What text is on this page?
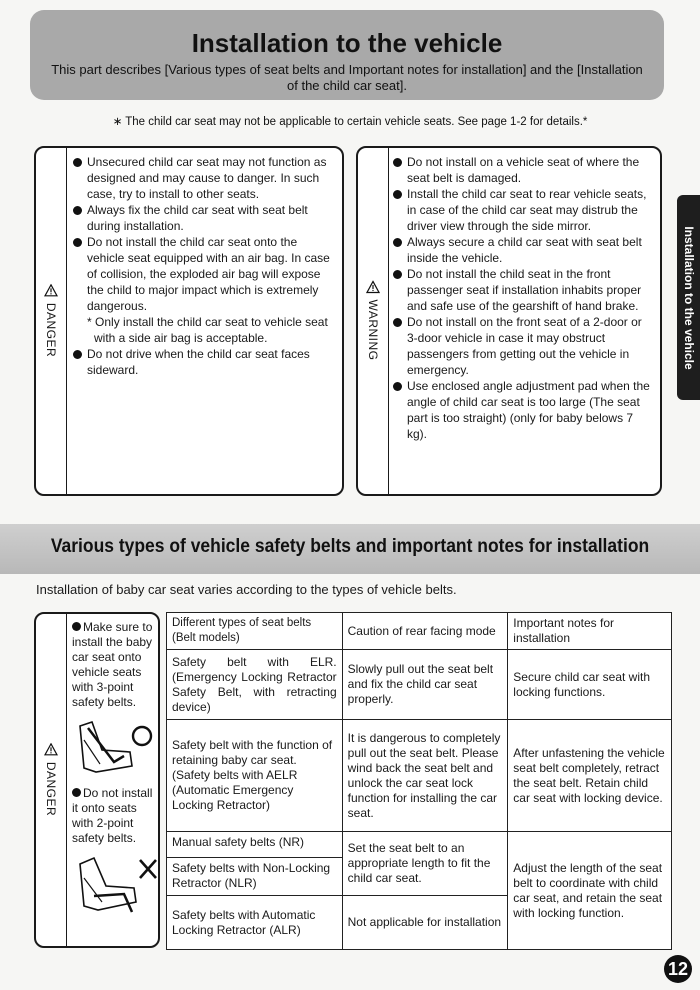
Installation to the vehicle
This part describes [Various types of seat belts and Important notes for installation] and the [Installation of the child car seat].
∗ The child car seat may not be applicable to certain vehicle seats. See page 1-2 for details.*
Installation to the vehicle
DANGER
Unsecured child car seat may not function as designed and may cause to danger. In such case, try to install to other seats.
Always fix the child car seat with seat belt during installation.
Do not install the child car seat onto the vehicle seat equipped with an air bag. In case of collision, the exploded air bag will expose the child to major impact which is extremely dangerous.
* Only install the child car seat to vehicle seat with a side air bag is acceptable.
Do not drive when the child car seat faces sideward.
WARNING
Do not install on a vehicle seat of where the seat belt is damaged.
Install the child car seat to rear vehicle seats, in case of the child car seat may distrub the driver view through the side mirror.
Always secure a child car seat with seat belt inside the vehicle.
Do not install the child seat in the front passenger seat if installation inhabits proper and safe use of the gearshift of hand brake.
Do not install on the front seat of a 2-door or 3-door vehicle in case it may obstruct passengers from getting out the vehicle in emergency.
Use enclosed angle adjustment pad when the angle of child car seat is too large (The seat part is too straight) (only for baby belows 7 kg).
Various types of vehicle safety belts and important notes for installation
Installation of baby car seat varies according to the types of vehicle belts.
DANGER
Make sure to install the baby car seat onto vehicle seats with 3-point safety belts.
Do not install it onto seats with 2-point safety belts.
Different types of seat belts (Belt models)	Caution of rear facing mode	Important notes for installation
Safety belt with ELR. (Emergency Locking Retractor Safety Belt, with retracting device)	Slowly pull out the seat belt and fix the child car seat properly.	Secure child car seat with locking functions.
Safety belt with the function of retaining baby car seat. (Safety belts with AELR (Automatic Emergency Locking Retractor)	It is dangerous to completely pull out the seat belt. Please wind back the seat belt and unlock the car seat lock function for installing the car seat.	After unfastening the vehicle seat belt completely, retract the seat belt. Retain child car seat with locking device.
Manual safety belts (NR)	Set the seat belt to an appropriate length to fit the child car seat.	Adjust the length of the seat belt to coordinate with child car seat, and retain the seat with locking function.
Safety belts with Non-Locking Retractor (NLR)		
Safety belts with Automatic Locking Retractor (ALR)	Not applicable for installation	
12
